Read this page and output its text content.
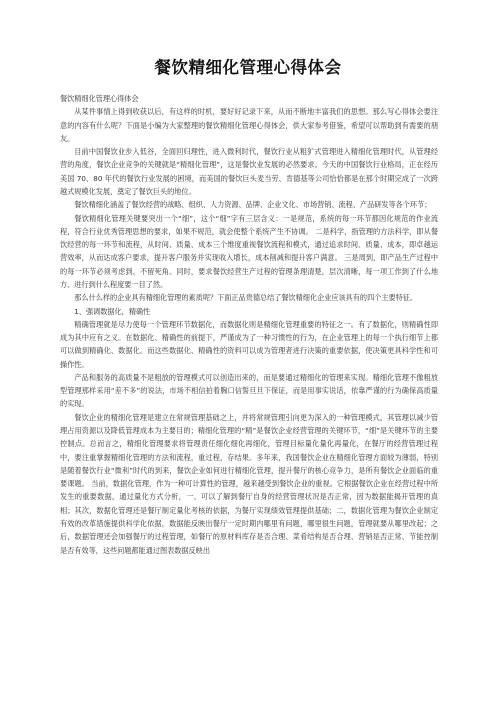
餐饮精细化管理心得体会

餐饮精细化管理心得体会

从某件事情上得到收获以后，有这样的时机，要好好记录下来，从而不断地丰富我们的思想。那么写心得体会要注意的内容有什么呢？下面是小编为大家整理的餐饮精细化管理心得体会，供大家参考借鉴，希望可以帮助到有需要的朋友。

目前中国餐饮业步入低谷，全面回归理性，进入微利时代，餐饮行业从粗犷式管理进入精细化管理时代，从管理经营的角度，餐饮企业竞争的关键就是“精细化管理”，这是餐饮业发展的必然要求。今天的中国餐饮行业格局，正在经历美国 70、80 年代的餐饮行业发展的困境，而美国的餐饮巨头麦当劳、肯德基等公司恰恰都是在那个时期完成了一次跨越式规模化发展，奠定了餐饮巨头的地位。

餐饮精细化涵盖了餐饮经营的战略、组织、人力资源、品牌、企业文化、市场营销、流程、产品研发等各个环节；

餐饮精细化管理关键要突出一个“细”，这个“细”字有三层含义：一是规范，系统的每一环节都因化规范的作业流程，符合行业优秀管理思想的要求，如果不规范，就会使整个系统产生不协调。 二是科学，指管理的方法科学，即从餐饮经营的每一环节和流程，从时间、质量、成本三个维度重视餐饮流程和模式，通过追求时间、质量、成本，即卓越运营效率，从而达成客户要求，提升客户服务并实现收入增长，成本削减和提升客户满意。 三是周到，即产品生产过程中的每一环节必须考虑到，不留死角。同时，要求餐饮经营生产过程的管理条理清楚，层次清晰，每一项工作到了什么地方、进行到什么程度要一目了然。

那么什么样的企业具有精细化管理的素质呢？下面正品贵德总结了餐饮精细化企业应该具有的四个主要特征。

1、强调数据化，精确性

精确管理就是尽力使每一个管理环节数据化，而数据化则是精细化管理重要的特征之一。有了数据化，则精确性即成为其中应有之义。在数据化、精确性的前提下，严谨成为了一种习惯性的行为，在企业管理上的每一个执行细节上都可以做到精确化、数据化。而这些数据化、精确性的资料可以成为管理者进行决策的重要依据，使决策更具科学性和可操作性。

产品和服务的高质量不是粗放的管理模式可以创造出来的，而是要通过精细化的管理来实现。精细化管理不像粗放型管理那样采用“差不多”的说法，市场不相信拍着胸口信誓旦旦下保证，而是用事实说话，依靠严谨的行为确保高质量的实现。

餐饮企业的精细化管理是建立在常规管理基础之上，并将常规管理引向更为深入的一种管理模式，其管理以减少管理占用资源以及降低管理成本为主要目的；精细化管理的“精”是餐饮企业经营管理的关键环节，“细”是关键环节的主要控制点。总而言之，精细化管理要求将管理责任细化细化再细化，管理目标量化量化再量化，在餐厅的经营管理过程中，要注重掌握精细化管理的方法和流程，重过程，存结果。多年来，我国餐饮企业在精细化管理方面较为薄弱，特别是随着餐饮行业“微利”时代的到来，餐饮企业如何进行精细化管理，提升餐厅的核心竞争力，是所有餐饮企业面临的重要课题。 当前，数据化管理，作为一种可计算性的管理，越来越受到餐饮企业的重视。它根据餐饮企业在经营过程中所发生的重要数据，通过量化方式分析，一、可以了解到餐厅自身的经营管理状况是否正常，因为数据能揭开管理的真相；其次，数据化管理还是餐厅制定量化考核的依据，为餐厅实现绩效管理提供基础；二，数据化管理为餐饮企业制定有效的改革措施提供科学化依据，数据能反映出餐厅一定时期内哪里有问题，哪里很生问题，管理就要从哪里改起；之后，数据管理还会加强餐厅的过程管理，如餐厅的原材料库存是否合理、菜肴结构是否合理、营销是否正常、节能控制是否有效等，这些问题都能通过图表数据反映出
